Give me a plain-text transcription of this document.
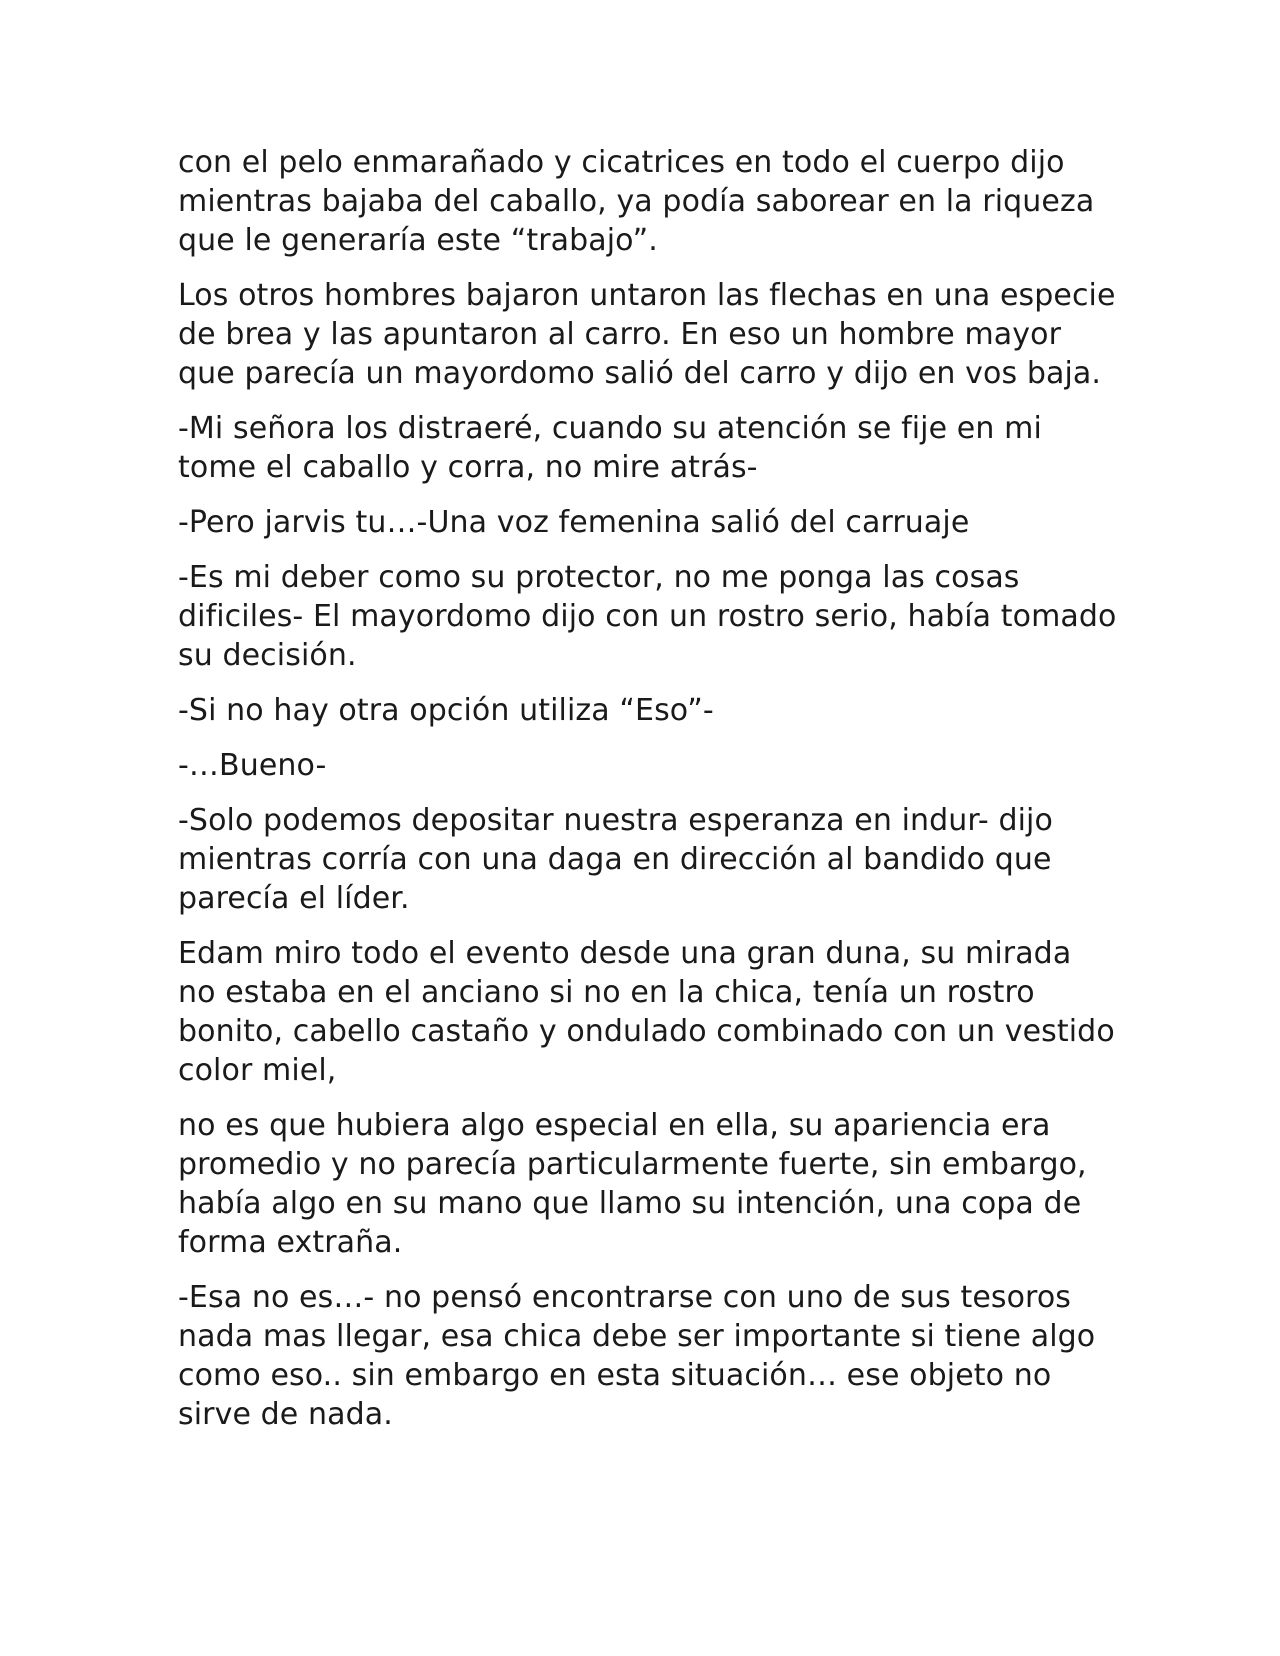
con el pelo enmarañado y cicatrices en todo el cuerpo dijo mientras bajaba del caballo, ya podía saborear en la riqueza que le generaría este “trabajo”.

Los otros hombres bajaron untaron las flechas en una especie de brea y las apuntaron al carro. En eso un hombre mayor que parecía un mayordomo salió del carro y dijo en vos baja.

-Mi señora los distraeré, cuando su atención se fije en mi tome el caballo y corra, no mire atrás-

-Pero jarvis tu…-Una voz femenina salió del carruaje

-Es mi deber como su protector, no me ponga las cosas dificiles- El mayordomo dijo con un rostro serio, había tomado su decisión.

-Si no hay otra opción utiliza “Eso”-

-…Bueno-

-Solo podemos depositar nuestra esperanza en indur- dijo mientras corría con una daga en dirección al bandido que parecía el líder.

Edam miro todo el evento desde una gran duna, su mirada no estaba en el anciano si no en la chica, tenía un rostro bonito, cabello castaño y ondulado combinado con un vestido color miel,

no es que hubiera algo especial en ella, su apariencia era promedio y no parecía particularmente fuerte, sin embargo, había algo en su mano que llamo su intención, una copa de forma extraña.

-Esa no es…- no pensó encontrarse con uno de sus tesoros nada mas llegar, esa chica debe ser importante si tiene algo como eso.. sin embargo en esta situación… ese objeto no sirve de nada.
